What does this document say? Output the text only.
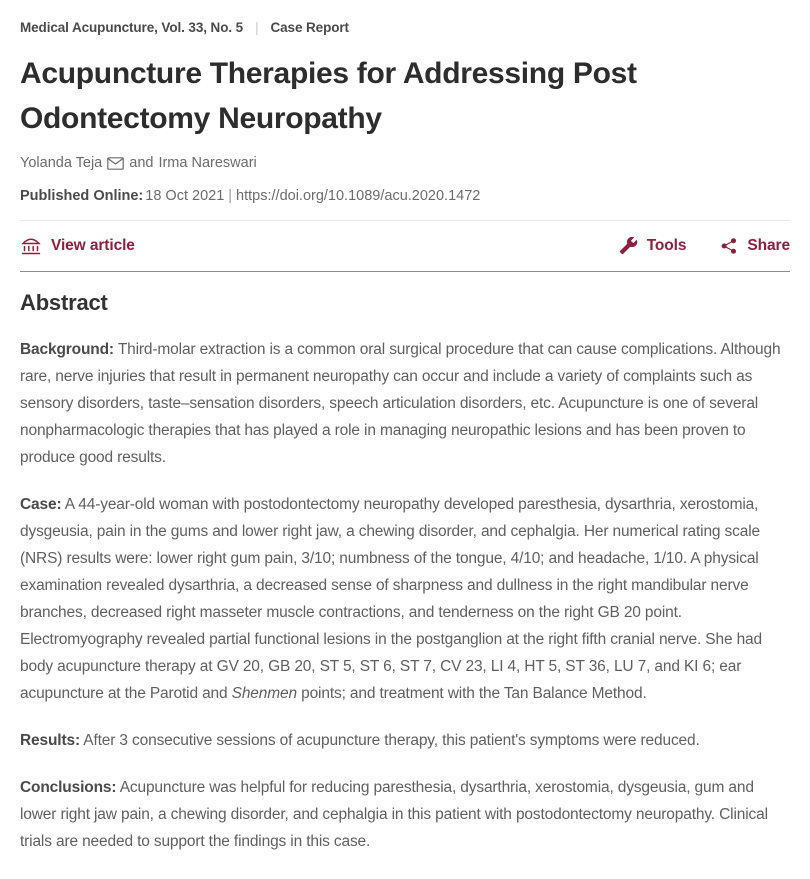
Medical Acupuncture, Vol. 33, No. 5 | Case Report
Acupuncture Therapies for Addressing Post Odontectomy Neuropathy
Yolanda Teja and Irma Nareswari
Published Online: 18 Oct 2021 | https://doi.org/10.1089/acu.2020.1472
View article	Tools	Share
Abstract

Background: Third-molar extraction is a common oral surgical procedure that can cause complications. Although rare, nerve injuries that result in permanent neuropathy can occur and include a variety of complaints such as sensory disorders, taste–sensation disorders, speech articulation disorders, etc. Acupuncture is one of several nonpharmacologic therapies that has played a role in managing neuropathic lesions and has been proven to produce good results.

Case: A 44-year-old woman with postodontectomy neuropathy developed paresthesia, dysarthria, xerostomia, dysgeusia, pain in the gums and lower right jaw, a chewing disorder, and cephalgia. Her numerical rating scale (NRS) results were: lower right gum pain, 3/10; numbness of the tongue, 4/10; and headache, 1/10. A physical examination revealed dysarthria, a decreased sense of sharpness and dullness in the right mandibular nerve branches, decreased right masseter muscle contractions, and tenderness on the right GB 20 point. Electromyography revealed partial functional lesions in the postganglion at the right fifth cranial nerve. She had body acupuncture therapy at GV 20, GB 20, ST 5, ST 6, ST 7, CV 23, LI 4, HT 5, ST 36, LU 7, and KI 6; ear acupuncture at the Parotid and Shenmen points; and treatment with the Tan Balance Method.

Results: After 3 consecutive sessions of acupuncture therapy, this patient's symptoms were reduced.

Conclusions: Acupuncture was helpful for reducing paresthesia, dysarthria, xerostomia, dysgeusia, gum and lower right jaw pain, a chewing disorder, and cephalgia in this patient with postodontectomy neuropathy. Clinical trials are needed to support the findings in this case.
